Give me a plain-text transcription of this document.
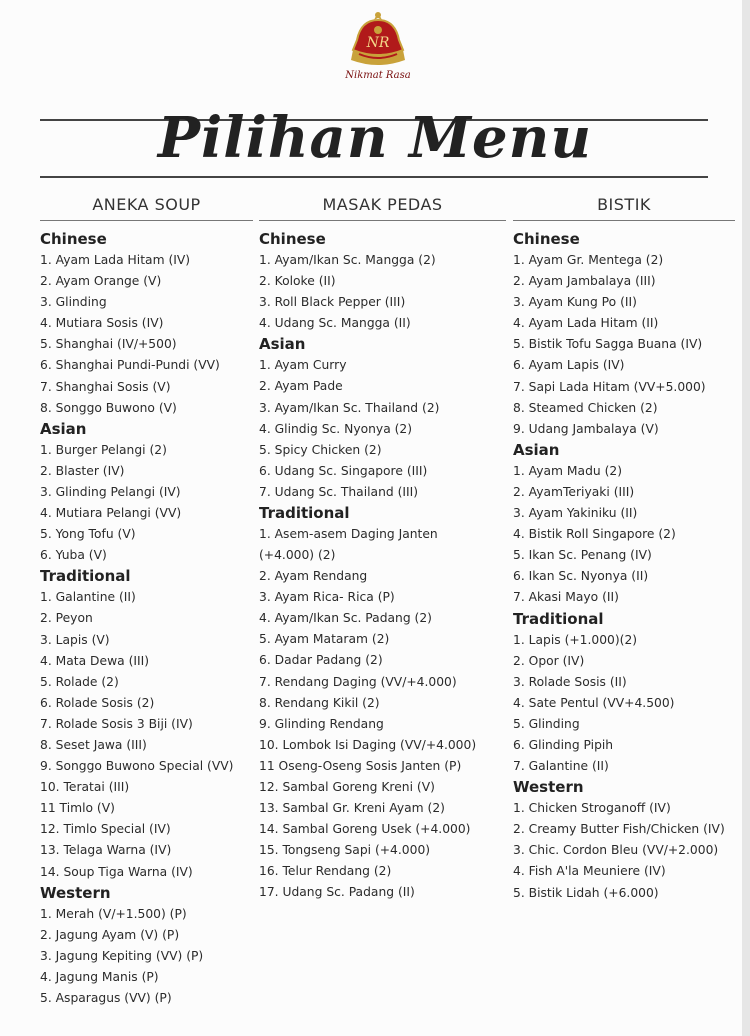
NR
Nikmat Rasa
Pilihan Menu
ANEKA SOUP
Chinese
1. Ayam Lada Hitam (IV)
2. Ayam Orange (V)
3. Glinding
4. Mutiara Sosis (IV)
5. Shanghai (IV/+500)
6. Shanghai Pundi-Pundi (VV)
7. Shanghai Sosis (V)
8. Songgo Buwono (V)
Asian
1. Burger Pelangi (2)
2. Blaster (IV)
3. Glinding Pelangi (IV)
4. Mutiara Pelangi (VV)
5. Yong Tofu (V)
6. Yuba (V)
Traditional
1. Galantine (II)
2. Peyon
3. Lapis (V)
4. Mata Dewa (III)
5. Rolade (2)
6. Rolade Sosis (2)
7. Rolade Sosis 3 Biji (IV)
8. Seset Jawa (III)
9. Songgo Buwono Special (VV)
10. Teratai (III)
11 Timlo (V)
12. Timlo Special (IV)
13. Telaga Warna (IV)
14. Soup Tiga Warna (IV)
Western
1. Merah (V/+1.500) (P)
2. Jagung Ayam (V) (P)
3. Jagung Kepiting (VV) (P)
4. Jagung Manis (P)
5. Asparagus (VV) (P)
MASAK PEDAS
Chinese
1. Ayam/Ikan Sc. Mangga (2)
2. Koloke (II)
3. Roll Black Pepper (III)
4. Udang Sc. Mangga (II)
Asian
1. Ayam Curry
2. Ayam Pade
3. Ayam/Ikan Sc. Thailand (2)
4. Glindig Sc. Nyonya (2)
5. Spicy Chicken (2)
6. Udang Sc. Singapore (III)
7. Udang Sc. Thailand (III)
Traditional
1. Asem-asem Daging Janten (+4.000) (2)
2. Ayam Rendang
3. Ayam Rica- Rica (P)
4. Ayam/Ikan Sc. Padang (2)
5. Ayam Mataram (2)
6. Dadar Padang (2)
7. Rendang Daging (VV/+4.000)
8. Rendang Kikil (2)
9. Glinding Rendang
10. Lombok Isi Daging (VV/+4.000)
11 Oseng-Oseng Sosis Janten (P)
12. Sambal Goreng Kreni (V)
13. Sambal Gr. Kreni Ayam (2)
14. Sambal Goreng Usek (+4.000)
15. Tongseng Sapi (+4.000)
16. Telur Rendang (2)
17. Udang Sc. Padang (II)
BISTIK
Chinese
1. Ayam Gr. Mentega (2)
2. Ayam Jambalaya (III)
3. Ayam Kung Po (II)
4. Ayam Lada Hitam (II)
5. Bistik Tofu Sagga Buana (IV)
6. Ayam Lapis (IV)
7. Sapi Lada Hitam (VV+5.000)
8. Steamed Chicken (2)
9. Udang Jambalaya (V)
Asian
1. Ayam Madu (2)
2. AyamTeriyaki (III)
3. Ayam Yakiniku (II)
4. Bistik Roll Singapore (2)
5. Ikan Sc. Penang (IV)
6. Ikan Sc. Nyonya (II)
7. Akasi Mayo (II)
Traditional
1. Lapis (+1.000)(2)
2. Opor (IV)
3. Rolade Sosis (II)
4. Sate Pentul (VV+4.500)
5. Glinding
6. Glinding Pipih
7. Galantine (II)
Western
1. Chicken Stroganoff (IV)
2. Creamy Butter Fish/Chicken (IV)
3. Chic. Cordon Bleu (VV/+2.000)
4. Fish A'la Meuniere (IV)
5. Bistik Lidah (+6.000)
